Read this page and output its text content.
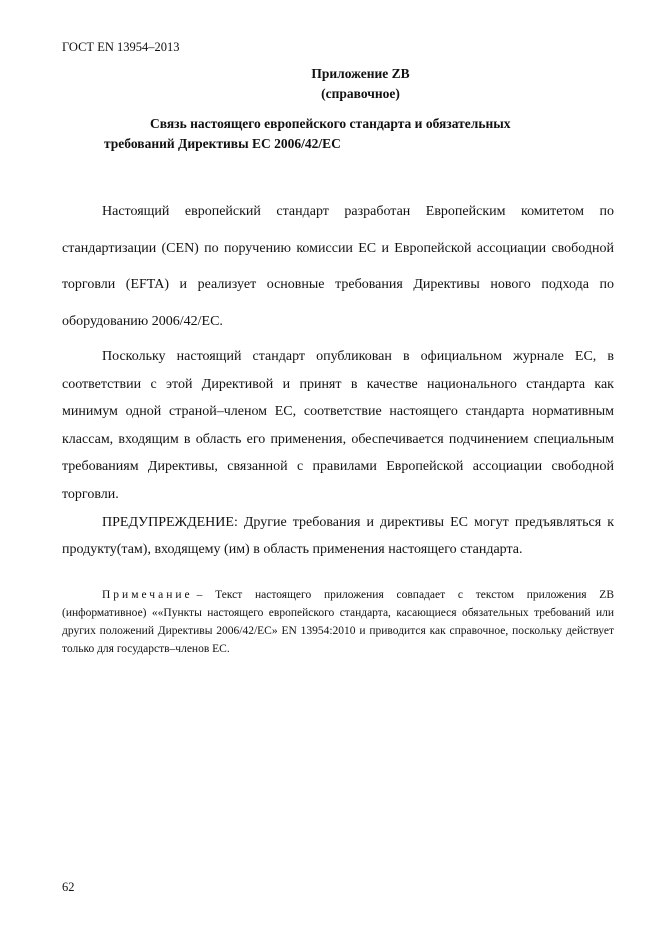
ГОСТ EN 13954–2013
Приложение ZB
(справочное)
Связь настоящего европейского стандарта и обязательных
требований Директивы ЕС 2006/42/ЕС

Настоящий европейский стандарт разработан Европейским комитетом по стандартизации (CEN) по поручению комиссии ЕС и Европейской ассоциации свободной торговли (EFTA) и реализует основные требования Директивы нового подхода по оборудованию 2006/42/ЕС.

Поскольку настоящий стандарт опубликован в официальном журнале ЕС, в соответствии с этой Директивой и принят в качестве национального стандарта как минимум одной страной–членом ЕС, соответствие настоящего стандарта нормативным классам, входящим в область его применения, обеспечивается подчинением специальным требованиям Директивы, связанной с правилами Европейской ассоциации свободной торговли.

ПРЕДУПРЕЖДЕНИЕ: Другие требования и директивы ЕС могут предъявляться к продукту(там), входящему (им) в область применения настоящего стандарта.

Примечание – Текст настоящего приложения совпадает с текстом приложения ZB (информативное) ««Пункты настоящего европейского стандарта, касающиеся обязательных требований или других положений Директивы 2006/42/ЕС» EN 13954:2010 и приводится как справочное, поскольку действует только для государств–членов ЕС.
62
